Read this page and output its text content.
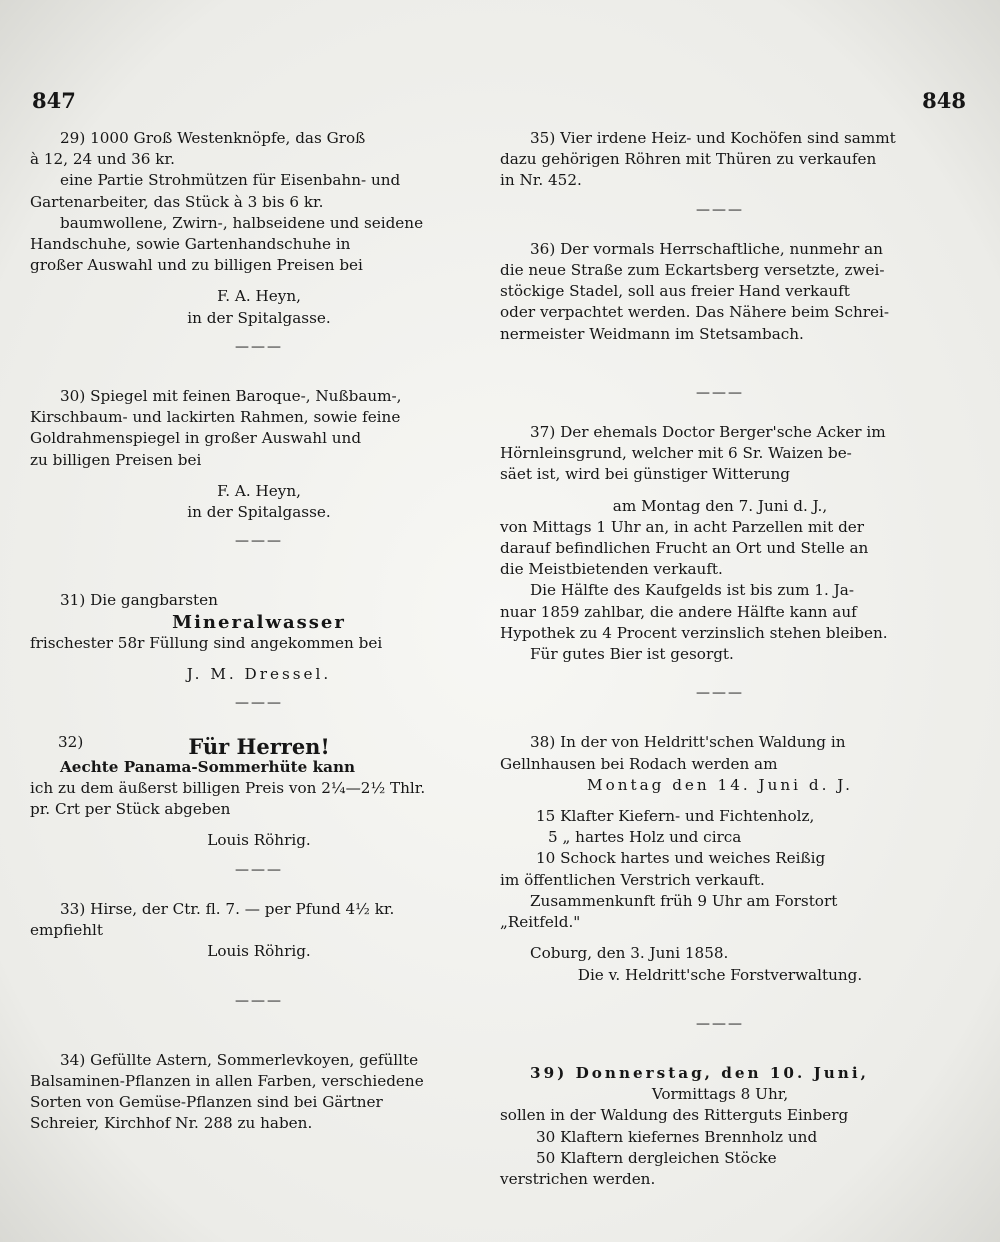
847	848

29) 1000 Groß Westenknöpfe, das Groß

à 12, 24 und 36 kr.

eine Partie Strohmützen für Eisenbahn- und

Gartenarbeiter, das Stück à 3 bis 6 kr.

baumwollene, Zwirn-, halbseidene und seidene

Handschuhe, sowie Gartenhandschuhe in

großer Auswahl und zu billigen Preisen bei

F. A. Heyn,

in der Spitalgasse.

———

30) Spiegel mit feinen Baroque-, Nußbaum-,

Kirschbaum- und lackirten Rahmen, sowie feine

Goldrahmenspiegel in großer Auswahl und

zu billigen Preisen bei

F. A. Heyn,

in der Spitalgasse.

———

31) Die gangbarsten

Mineralwasser

frischester 58r Füllung sind angekommen bei

J. M. Dressel.

———

32)	Für Herren!

Aechte Panama-Sommerhüte kann

ich zu dem äußerst billigen Preis von 2¼—2½ Thlr.

pr. Crt per Stück abgeben

Louis Röhrig.

———

33) Hirse, der Ctr. fl. 7. — per Pfund 4½ kr.

empfiehlt

Louis Röhrig.

———

34) Gefüllte Astern, Sommerlevkoyen, gefüllte

Balsaminen-Pflanzen in allen Farben, verschiedene

Sorten von Gemüse-Pflanzen sind bei Gärtner

Schreier, Kirchhof Nr. 288 zu haben.

35) Vier irdene Heiz- und Kochöfen sind sammt

dazu gehörigen Röhren mit Thüren zu verkaufen

in Nr. 452.

———

36) Der vormals Herrschaftliche, nunmehr an

die neue Straße zum Eckartsberg versetzte, zwei-

stöckige Stadel, soll aus freier Hand verkauft

oder verpachtet werden. Das Nähere beim Schrei-

nermeister Weidmann im Stetsambach.

———

37) Der ehemals Doctor Berger'sche Acker im

Hörnleinsgrund, welcher mit 6 Sr. Waizen be-

säet ist, wird bei günstiger Witterung

am Montag den 7. Juni d. J.,

von Mittags 1 Uhr an, in acht Parzellen mit der

darauf befindlichen Frucht an Ort und Stelle an

die Meistbietenden verkauft.

Die Hälfte des Kaufgelds ist bis zum 1. Ja-

nuar 1859 zahlbar, die andere Hälfte kann auf

Hypothek zu 4 Procent verzinslich stehen bleiben.

Für gutes Bier ist gesorgt.

———

38) In der von Heldritt'schen Waldung in

Gellnhausen bei Rodach werden am

Montag den 14. Juni d. J.

15 Klafter Kiefern- und Fichtenholz,

5 „ hartes Holz und circa

10 Schock hartes und weiches Reißig

im öffentlichen Verstrich verkauft.

Zusammenkunft früh 9 Uhr am Forstort

„Reitfeld."

Coburg, den 3. Juni 1858.

Die v. Heldritt'sche Forstverwaltung.

———

39) Donnerstag, den 10. Juni,

Vormittags 8 Uhr,

sollen in der Waldung des Ritterguts Einberg

30 Klaftern kiefernes Brennholz und

50 Klaftern dergleichen Stöcke

verstrichen werden.
